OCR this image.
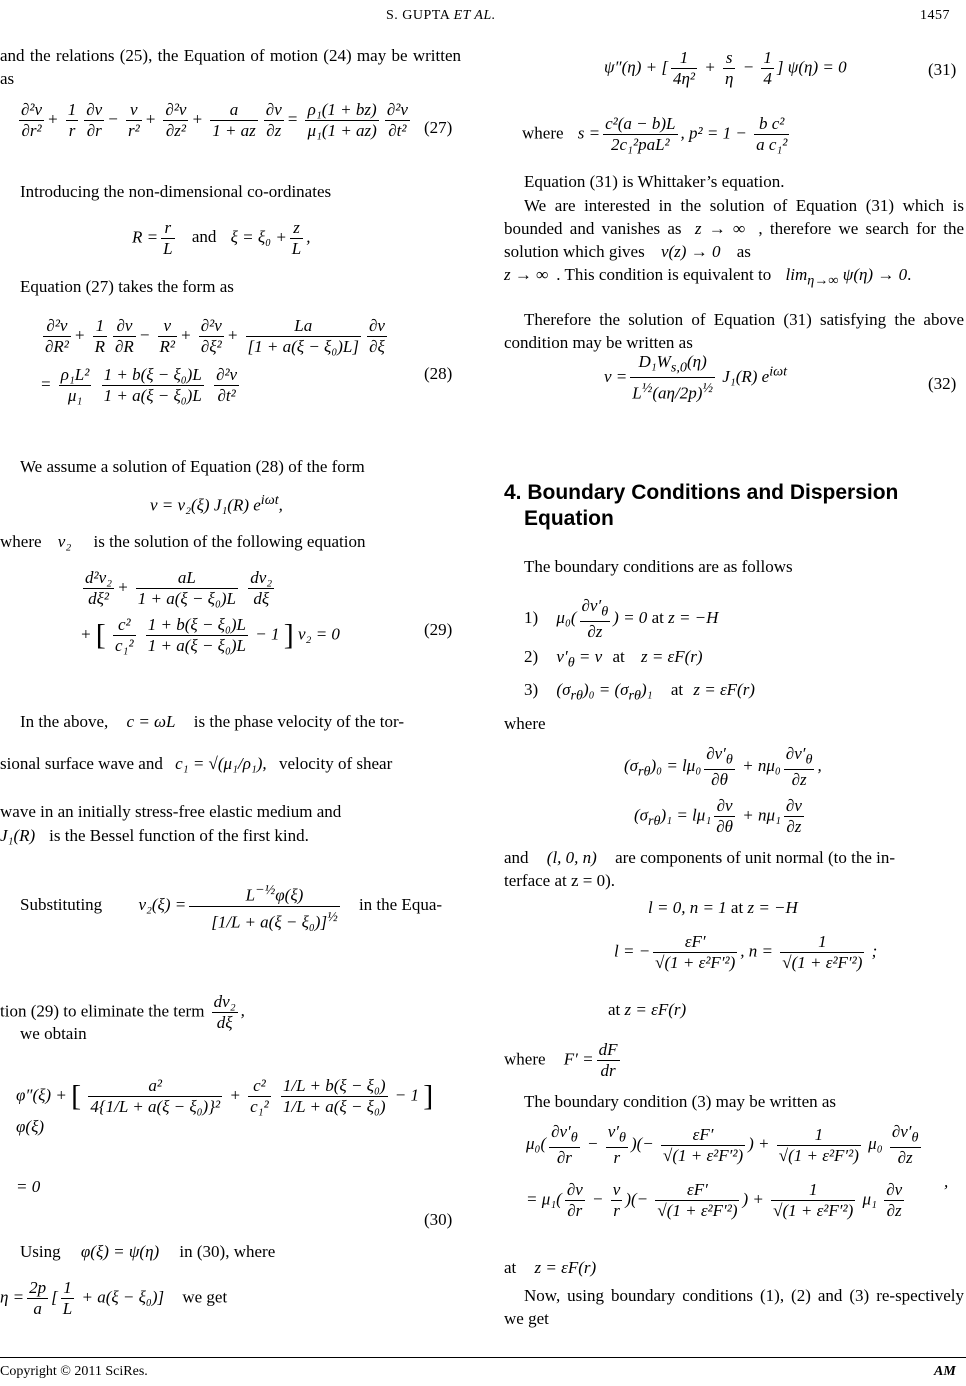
S. GUPTA ET AL.	1457
and the relations (25), the Equation of motion (24) may be written as
$\frac{\text{∂²v}}{\text{∂r²}} + \frac{1}{r} \frac{\partial v}{\partial r} - \frac{v}{\text{r²}} + \frac{\text{∂²v}}{\text{∂z²}} + \frac{a}{1 + az} \frac{\partial v}{\partial z} = \frac{\text{ρ₁(1 + bz)}}{\text{μ₁(1 + az)}} \frac{\text{∂²v}}{\text{∂t²}} (27)$
Introducing the non-dimensional co-ordinates
$R = \frac{r}{L}$ and $\xi = \xi_0 + \frac{z}{L}$ ,
Equation (27) takes the form as
$\frac{\text{∂²v}}{\text{∂R²}} + \frac{1}{R} \frac{\partial v}{\partial R} - \frac{v}{\text{R²}} + \frac{\text{∂²v}}{\text{∂ξ²}} + \frac{La}{\text{[1 + a(ξ − ξ₀)L]}} \frac{\partial v}{\partial\xi}$
= $\frac{\text{ρ₁L²}}{\text{μ₁}}$
$\frac{\text{1 + b(ξ − ξ₀)L}}{\text{1 + a(ξ − ξ₀)L}}$
$\frac{\text{∂²v}}{\text{∂t²}}$	(28)
We assume a solution of Equation (28) of the form
v = v₂(ξ) J₁(R) $e^{i\omega t}$,
where ν₂ is the solution of the following equation
$\frac{\text{d²v₂}}{\text{dξ²}} + \frac{aL}{\text{1 + a(ξ − ξ₀)L}}$
$\frac{\text{dv₂}}{d\xi}$
+ [ $\frac{\text{c²}}{\text{c₁²}}$
$\frac{\text{1 + b(ξ − ξ₀)L}}{\text{1 + a(ξ − ξ₀)L}} - 1$ ] v₂ = 0	(29)
In the above, c = ωL is the phase velocity of the tor-
sional surface wave and c₁ = √(μ₁/ρ₁), velocity of shear
wave in an initially stress-free elastic medium and
J₁(R) is the Bessel function of the first kind.
Substituting $v_2(\xi) = \frac{L^{-\frac{1}{2}}\varphi(\xi)}{[1/L + a(\xi - \xi_0)]^{\frac{1}{2}}}$ in the Equa-
tion (29) to eliminate the term $\frac{\text{dv₂}}{d\xi}$ ,
we obtain
φ″(ξ) + [ $\frac{\text{a²}}{\text{4\{1/L + a(ξ − ξ₀)\}²}} + \frac{\text{c²}}{\text{c₁²}}$
$\frac{\text{1/L + b(ξ − ξ₀)}}{\text{1/L + a(ξ − ξ₀)}} - 1$ ] φ(ξ)
= 0
(30)
Using φ(ξ) = ψ(η) in (30), where
$\eta = \frac{2p}{a}$ [ $\frac{1}{L} + a(\xi - \xi_0)$] we get
ψ″(η) + [ $\frac{1}{\text{4η²}} + \frac{s}{\eta} - \frac{1}{4}$ ] ψ(η) = 0	(31)
where $s = \frac{\text{c²(a − b)L}}{\text{2c₁²paL²}}$ , $p^2 = 1 - \frac{\text{b c²}}{\text{a c₁²}}$
Equation (31) is Whittaker’s equation.
We are interested in the solution of Equation (31) which is bounded and vanishes as z → ∞ , therefore we search for the solution which gives v(z) → 0 as
z → ∞ . This condition is equivalent to $\lim_{\eta\to\infty} \psi(\eta) \to 0$.
Therefore the solution of Equation (31) satisfying the above condition may be written as
$v = \frac{D_1W_{s,0}(\eta)}{L^{\frac{1}{2}}(a\eta/2p)^{\frac{1}{2}}} J_1(R)$ $e^{i\omega t}$
(32)
4. Boundary Conditions and Dispersion
Equation
The boundary conditions are as follows
1) $\mu_0( \frac{\partial v'_\theta}{\partial z}$ ) = 0 at z = −H
2) $v'_\theta = v$ at z = εF(r)
3) $(\sigma_{r\theta})_0 = (\sigma_{r\theta})_1$ at z = εF(r)
where
$(\sigma_{r\theta})_0 = l\mu_0 \frac{\partial v'_\theta}{\partial\theta} + n\mu_0 \frac{\partial v'_\theta}{\partial z}$ ,
$(\sigma_{r\theta})_1 = l\mu_1 \frac{\partial v}{\partial\theta} + n\mu_1 \frac{\partial v}{\partial z}$
and (l, 0, n) are components of unit normal (to the in-
terface at z = 0).
l = 0, n = 1 at z = −H
l = − $\frac{\varepsilon F'}{\text{√(1 + ε²F′²)}}$ , $n = \frac{1}{\text{√(1 + ε²F′²)}}$ ;
at z = εF(r)
where $F' = \frac{dF}{dr}$
The boundary condition (3) may be written as
$\mu_0( \frac{\partial v'_\theta}{\partial r} - \frac{v'_\theta}{r}$ )(− $\frac{\varepsilon F'}{\text{√(1 + ε²F′²)}}$ ) + $\frac{1}{\text{√(1 + ε²F′²)}} \mu_0 \frac{\partial v'_\theta}{\partial z}$
= $\mu_1( \frac{\partial v}{\partial r} - \frac{v}{r}$ )(− $\frac{\varepsilon F'}{\text{√(1 + ε²F′²)}}$ ) + $\frac{1}{\text{√(1 + ε²F′²)}} \mu_1 \frac{\partial v}{\partial z}$ ,
at z = εF(r)
Now, using boundary conditions (1), (2) and (3) re-spectively we get
Copyright © 2011 SciRes.	AM
